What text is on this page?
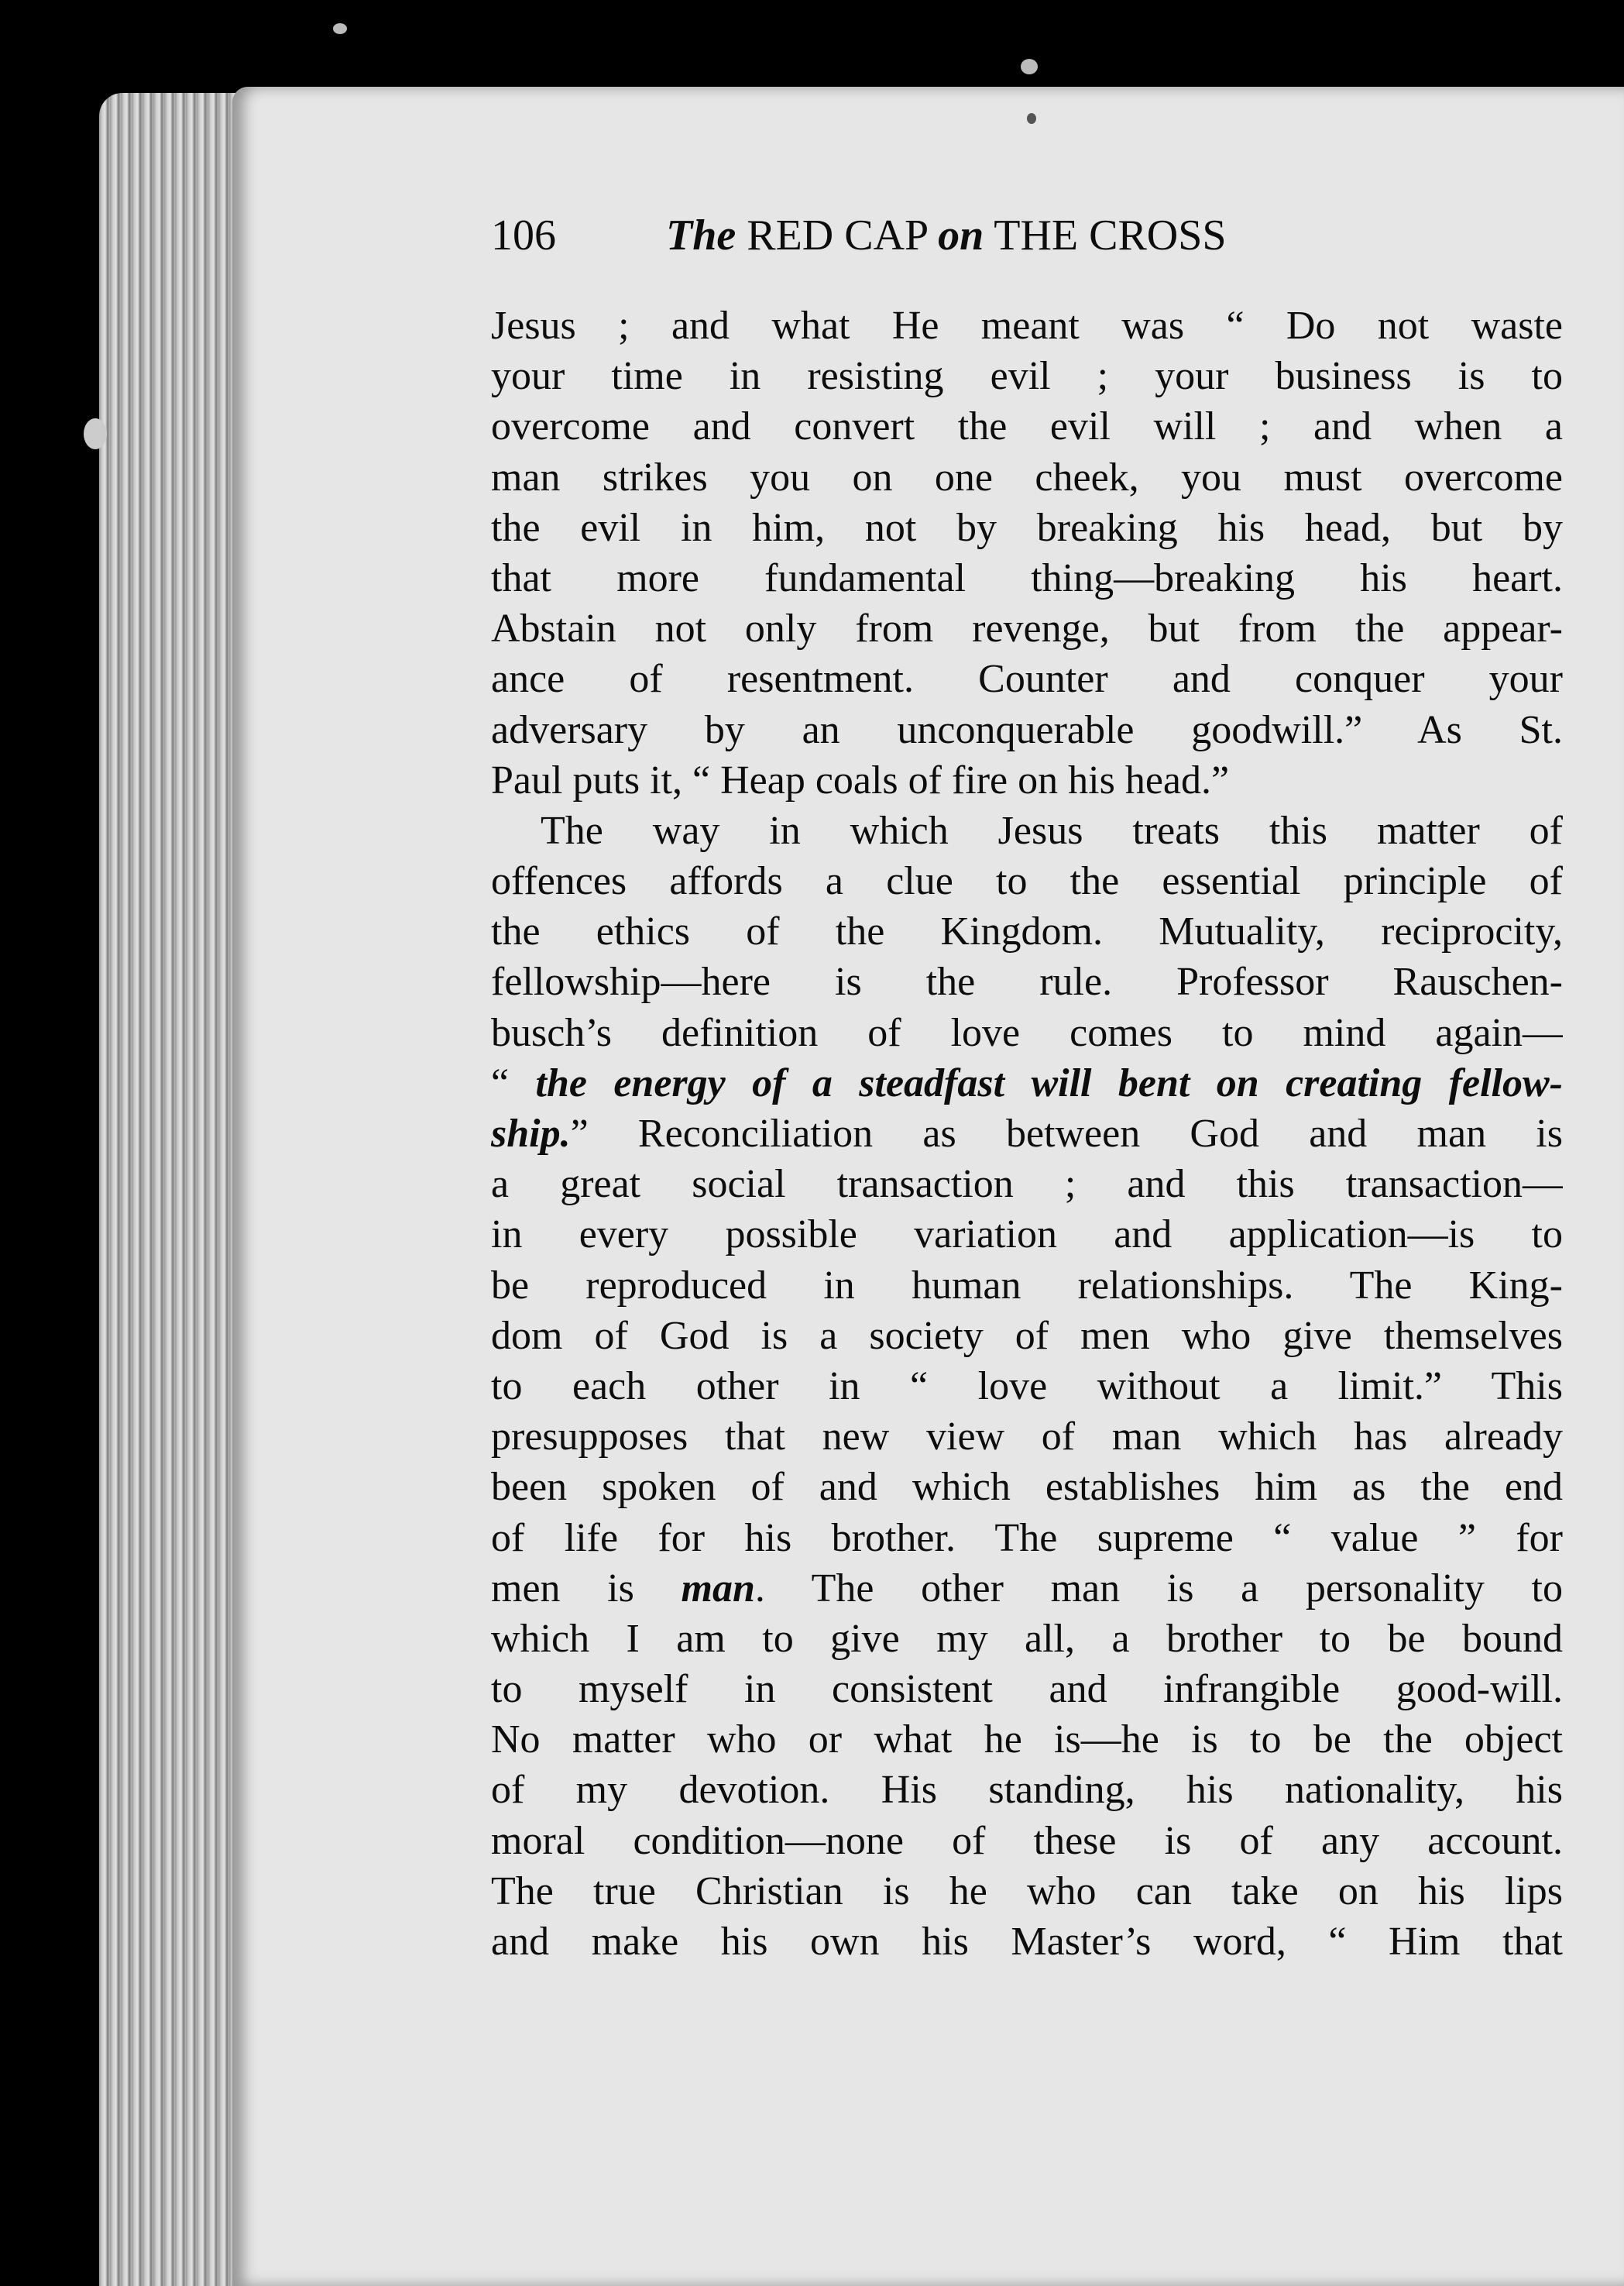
106	The RED CAP on THE CROSS
Jesus ; and what He meant was “ Do not waste
your time in resisting evil ; your business is to
overcome and convert the evil will ; and when a
man strikes you on one cheek, you must overcome
the evil in him, not by breaking his head, but by
that more fundamental thing—breaking his heart.
Abstain not only from revenge, but from the appear-
ance of resentment. Counter and conquer your
adversary by an unconquerable goodwill.” As St.
Paul puts it, “ Heap coals of fire on his head.”
The way in which Jesus treats this matter of
offences affords a clue to the essential principle of
the ethics of the Kingdom. Mutuality, reciprocity,
fellowship—here is the rule. Professor Rauschen-
busch’s definition of love comes to mind again—
“ the energy of a steadfast will bent on creating fellow-
ship.” Reconciliation as between God and man is
a great social transaction ; and this transaction—
in every possible variation and application—is to
be reproduced in human relationships. The King-
dom of God is a society of men who give themselves
to each other in “ love without a limit.” This
presupposes that new view of man which has already
been spoken of and which establishes him as the end
of life for his brother. The supreme “ value ” for
men is man. The other man is a personality to
which I am to give my all, a brother to be bound
to myself in consistent and infrangible good-will.
No matter who or what he is—he is to be the object
of my devotion. His standing, his nationality, his
moral condition—none of these is of any account.
The true Christian is he who can take on his lips
and make his own his Master’s word, “ Him that
